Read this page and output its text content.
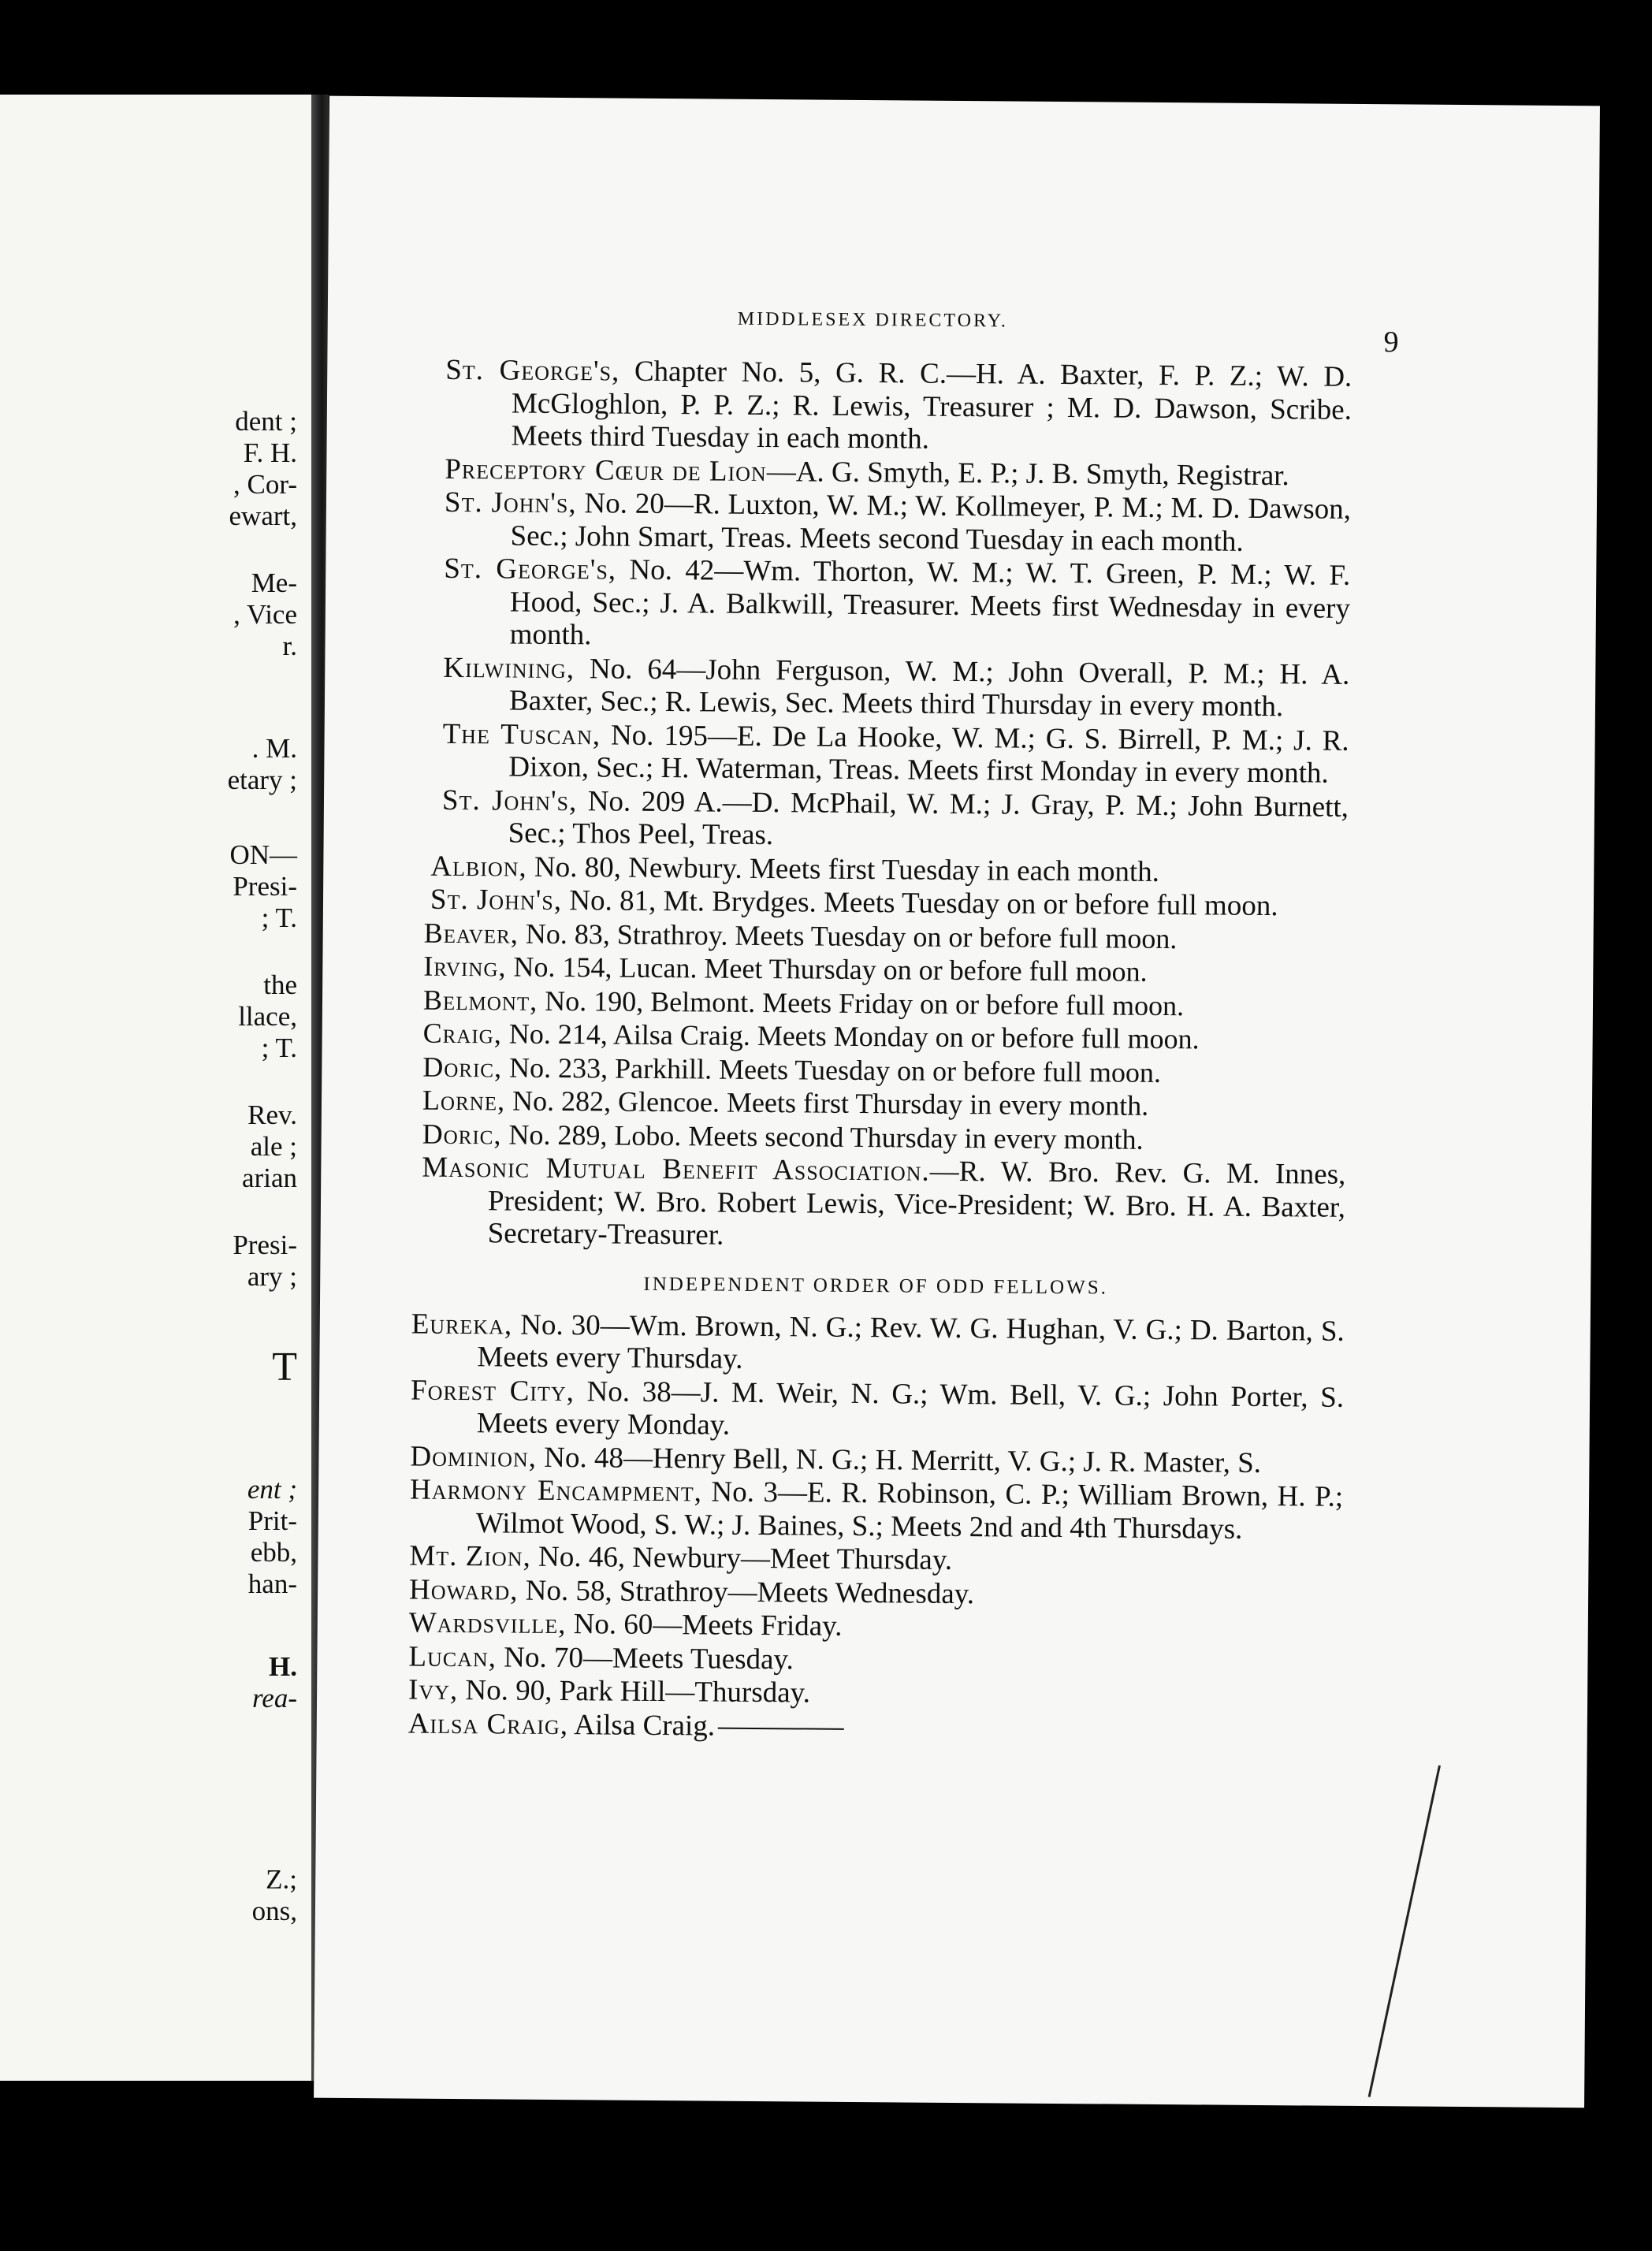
dent ;
F. H.
, Cor-
ewart,
Me-
, Vice
r.
. M.
etary ;
ON—
Presi-
; T.
the
llace,
; T.
Rev.
ale ;
arian
Presi-
ary ;
T
ent ;
Prit-
ebb,
han-
H.
rea-
Z.;
ons,
MIDDLESEX DIRECTORY.
9

St. George's, Chapter No. 5, G. R. C.—H. A. Baxter, F. P. Z.; W. D. McGloghlon, P. P. Z.; R. Lewis, Treasurer ; M. D. Dawson, Scribe. Meets third Tuesday in each month.

Preceptory Cœur de Lion—A. G. Smyth, E. P.; J. B. Smyth, Registrar.

St. John's, No. 20—R. Luxton, W. M.; W. Kollmeyer, P. M.; M. D. Dawson, Sec.; John Smart, Treas. Meets second Tuesday in each month.

St. George's, No. 42—Wm. Thorton, W. M.; W. T. Green, P. M.; W. F. Hood, Sec.; J. A. Balkwill, Treasurer. Meets first Wednesday in every month.

Kilwining, No. 64—John Ferguson, W. M.; John Overall, P. M.; H. A. Baxter, Sec.; R. Lewis, Sec. Meets third Thursday in every month.

The Tuscan, No. 195—E. De La Hooke, W. M.; G. S. Birrell, P. M.; J. R. Dixon, Sec.; H. Waterman, Treas. Meets first Monday in every month.

St. John's, No. 209 A.—D. McPhail, W. M.; J. Gray, P. M.; John Burnett, Sec.; Thos Peel, Treas.

Albion, No. 80, Newbury. Meets first Tuesday in each month.

St. John's, No. 81, Mt. Brydges. Meets Tuesday on or before full moon.

Beaver, No. 83, Strathroy. Meets Tuesday on or before full moon.

Irving, No. 154, Lucan. Meet Thursday on or before full moon.

Belmont, No. 190, Belmont. Meets Friday on or before full moon.

Craig, No. 214, Ailsa Craig. Meets Monday on or before full moon.

Doric, No. 233, Parkhill. Meets Tuesday on or before full moon.

Lorne, No. 282, Glencoe. Meets first Thursday in every month.

Doric, No. 289, Lobo. Meets second Thursday in every month.

Masonic Mutual Benefit Association.—R. W. Bro. Rev. G. M. Innes, President; W. Bro. Robert Lewis, Vice-President; W. Bro. H. A. Baxter, Secretary-Treasurer.

INDEPENDENT ORDER OF ODD FELLOWS.

Eureka, No. 30—Wm. Brown, N. G.; Rev. W. G. Hughan, V. G.; D. Barton, S. Meets every Thursday.

Forest City, No. 38—J. M. Weir, N. G.; Wm. Bell, V. G.; John Porter, S. Meets every Monday.

Dominion, No. 48—Henry Bell, N. G.; H. Merritt, V. G.; J. R. Master, S.

Harmony Encampment, No. 3—E. R. Robinson, C. P.; William Brown, H. P.; Wilmot Wood, S. W.; J. Baines, S.; Meets 2nd and 4th Thursdays.

Mt. Zion, No. 46, Newbury—Meet Thursday.

Howard, No. 58, Strathroy—Meets Wednesday.

Wardsville, No. 60—Meets Friday.

Lucan, No. 70—Meets Tuesday.

Ivy, No. 90, Park Hill—Thursday.

Ailsa Craig, Ailsa Craig.
